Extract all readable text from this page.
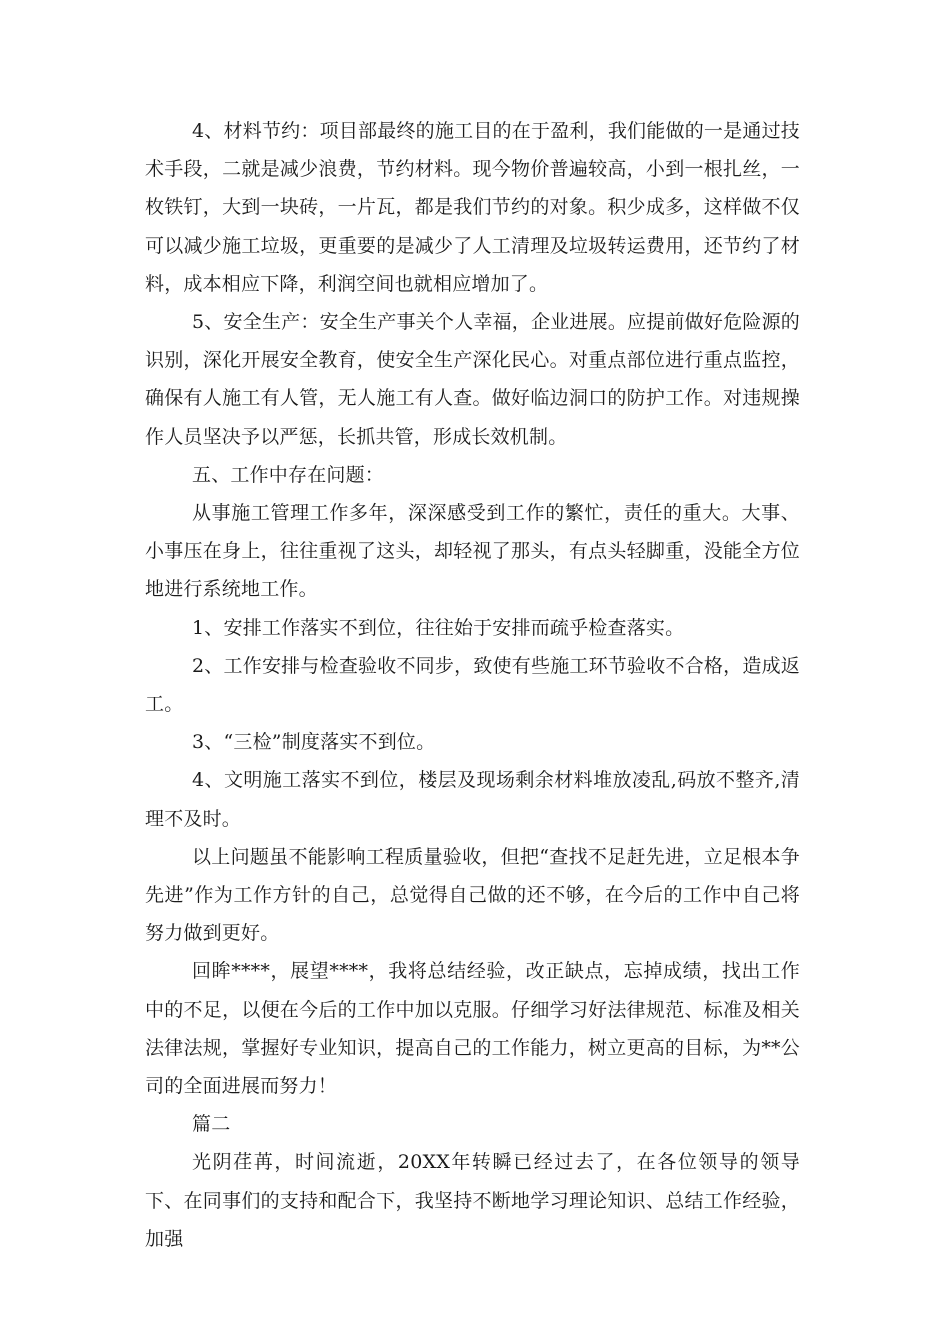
4、材料节约：项目部最终的施工目的在于盈利，我们能做的一是通过技术手段，二就是减少浪费，节约材料。现今物价普遍较高，小到一根扎丝，一枚铁钉，大到一块砖，一片瓦，都是我们节约的对象。积少成多，这样做不仅可以减少施工垃圾，更重要的是减少了人工清理及垃圾转运费用，还节约了材料，成本相应下降，利润空间也就相应增加了。

5、安全生产：安全生产事关个人幸福，企业进展。应提前做好危险源的识别，深化开展安全教育，使安全生产深化民心。对重点部位进行重点监控，确保有人施工有人管，无人施工有人查。做好临边洞口的防护工作。对违规操作人员坚决予以严惩，长抓共管，形成长效机制。

五、工作中存在问题：

从事施工管理工作多年，深深感受到工作的繁忙，责任的重大。大事、小事压在身上，往往重视了这头，却轻视了那头，有点头轻脚重，没能全方位地进行系统地工作。

1、安排工作落实不到位，往往始于安排而疏乎检查落实。

2、工作安排与检查验收不同步，致使有些施工环节验收不合格，造成返工。

3、“三检”制度落实不到位。

4、文明施工落实不到位，楼层及现场剩余材料堆放凌乱,码放不整齐,清理不及时。

以上问题虽不能影响工程质量验收，但把“查找不足赶先进，立足根本争先进”作为工作方针的自己，总觉得自己做的还不够，在今后的工作中自己将努力做到更好。

回眸****，展望****，我将总结经验，改正缺点，忘掉成绩，找出工作中的不足，以便在今后的工作中加以克服。仔细学习好法律规范、标准及相关法律法规，掌握好专业知识，提高自己的工作能力，树立更高的目标，为**公司的全面进展而努力！

篇二

光阴荏苒，时间流逝，20XX年转瞬已经过去了，在各位领导的领导下、在同事们的支持和配合下，我坚持不断地学习理论知识、总结工作经验，加强
